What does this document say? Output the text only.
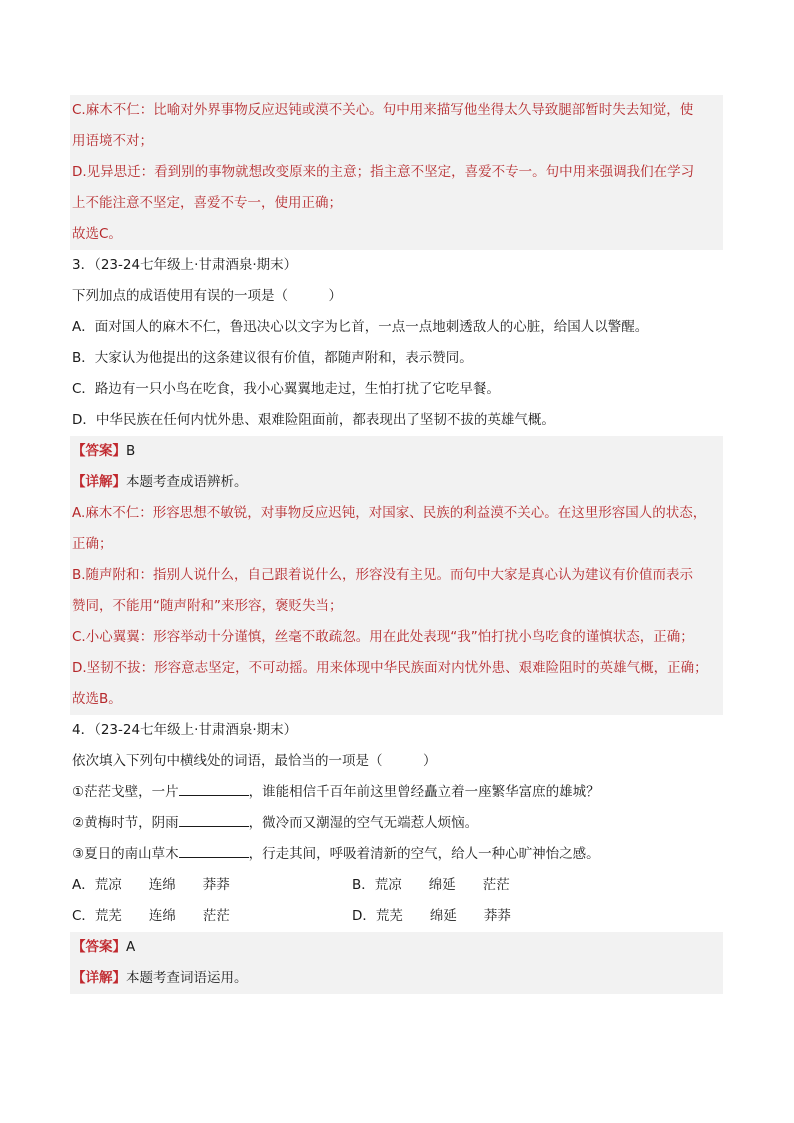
C.麻木不仁：比喻对外界事物反应迟钝或漠不关心。句中用来描写他坐得太久导致腿部暂时失去知觉，使
用语境不对；
D.见异思迁：看到别的事物就想改变原来的主意；指主意不坚定，喜爱不专一。句中用来强调我们在学习
上不能注意不坚定，喜爱不专一，使用正确；
故选C。
3．（23-24七年级上·甘肃酒泉·期末）
下列加点的成语使用有误的一项是（　　　）
A．面对国人的麻木不仁，鲁迅决心以文字为匕首，一点一点地刺透敌人的心脏，给国人以警醒。
B．大家认为他提出的这条建议很有价值，都随声附和，表示赞同。
C．路边有一只小鸟在吃食，我小心翼翼地走过，生怕打扰了它吃早餐。
D．中华民族在任何内忧外患、艰难险阻面前，都表现出了坚韧不拔的英雄气概。
【答案】B
【详解】本题考查成语辨析。
A.麻木不仁：形容思想不敏锐，对事物反应迟钝，对国家、民族的利益漠不关心。在这里形容国人的状态，
正确；
B.随声附和：指别人说什么，自己跟着说什么，形容没有主见。而句中大家是真心认为建议有价值而表示
赞同，不能用“随声附和”来形容，褒贬失当；
C.小心翼翼：形容举动十分谨慎，丝毫不敢疏忽。用在此处表现“我”怕打扰小鸟吃食的谨慎状态，正确；
D.坚韧不拔：形容意志坚定，不可动摇。用来体现中华民族面对内忧外患、艰难险阻时的英雄气概，正确；
故选B。
4．（23-24七年级上·甘肃酒泉·期末）
依次填入下列句中横线处的词语，最恰当的一项是（　　　）
①茫茫戈壁，一片	，谁能相信千百年前这里曾经矗立着一座繁华富庶的雄城？
②黄梅时节，阴雨	，微冷而又潮湿的空气无端惹人烦恼。
③夏日的南山草木	，行走其间，呼吸着清新的空气，给人一种心旷神怡之感。
A．荒凉　　连绵　　莽莽	B．荒凉　　绵延　　茫茫
C．荒芜　　连绵　　茫茫	D．荒芜　　绵延　　莽莽
【答案】A
【详解】本题考查词语运用。
